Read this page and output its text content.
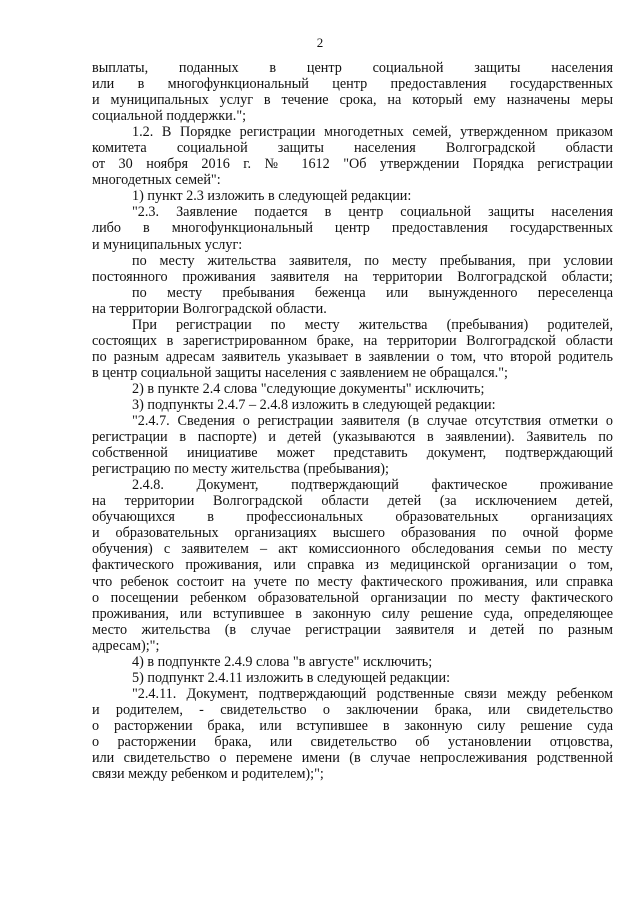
2
выплаты, поданных в центр социальной защиты населения
или в многофункциональный центр предоставления государственных
и муниципальных услуг в течение срока, на который ему назначены меры
социальной поддержки.";
1.2. В Порядке регистрации многодетных семей, утвержденном приказом
комитета социальной защиты населения Волгоградской области
от 30 ноября 2016 г. № 1612 "Об утверждении Порядка регистрации
многодетных семей":
1) пункт 2.3 изложить в следующей редакции:
"2.3. Заявление подается в центр социальной защиты населения
либо в многофункциональный центр предоставления государственных
и муниципальных услуг:
по месту жительства заявителя, по месту пребывания, при условии
постоянного проживания заявителя на территории Волгоградской области;
по месту пребывания беженца или вынужденного переселенца
на территории Волгоградской области.
При регистрации по месту жительства (пребывания) родителей,
состоящих в зарегистрированном браке, на территории Волгоградской области
по разным адресам заявитель указывает в заявлении о том, что второй родитель
в центр социальной защиты населения с заявлением не обращался.";
2) в пункте 2.4 слова "следующие документы" исключить;
3) подпункты 2.4.7 – 2.4.8 изложить в следующей редакции:
"2.4.7. Сведения о регистрации заявителя (в случае отсутствия отметки о
регистрации в паспорте) и детей (указываются в заявлении). Заявитель по
собственной инициативе может представить документ, подтверждающий
регистрацию по месту жительства (пребывания);
2.4.8. Документ, подтверждающий фактическое проживание
на территории Волгоградской области детей (за исключением детей,
обучающихся в профессиональных образовательных организациях
и образовательных организациях высшего образования по очной форме
обучения) с заявителем – акт комиссионного обследования семьи по месту
фактического проживания, или справка из медицинской организации о том,
что ребенок состоит на учете по месту фактического проживания, или справка
о посещении ребенком образовательной организации по месту фактического
проживания, или вступившее в законную силу решение суда, определяющее
место жительства (в случае регистрации заявителя и детей по разным
адресам);";
4) в подпункте 2.4.9 слова "в августе" исключить;
5) подпункт 2.4.11 изложить в следующей редакции:
"2.4.11. Документ, подтверждающий родственные связи между ребенком
и родителем, - свидетельство о заключении брака, или свидетельство
о расторжении брака, или вступившее в законную силу решение суда
о расторжении брака, или свидетельство об установлении отцовства,
или свидетельство о перемене имени (в случае непрослеживания родственной
связи между ребенком и родителем);";
